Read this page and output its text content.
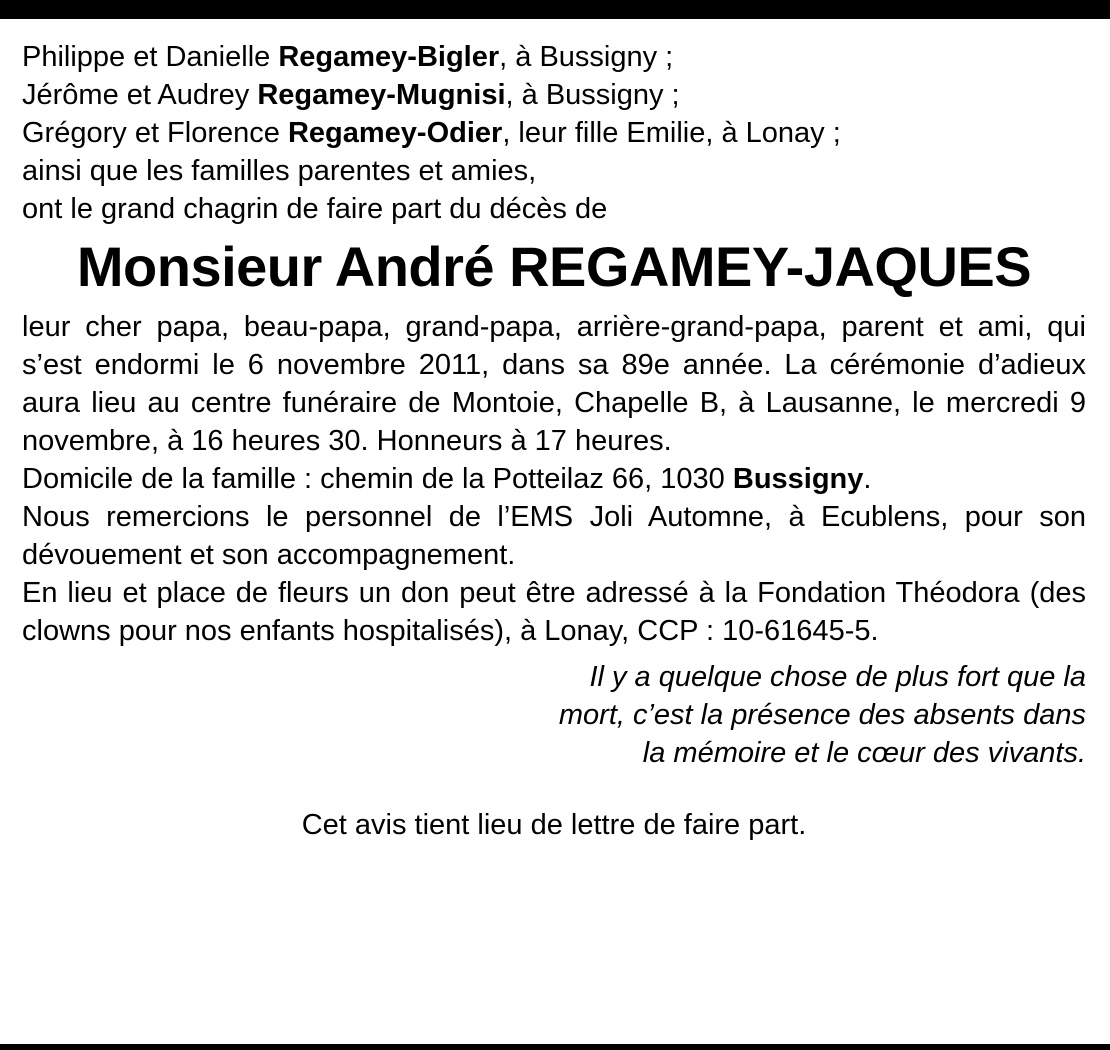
Philippe et Danielle Regamey-Bigler, à Bussigny ;
Jérôme et Audrey Regamey-Mugnisi, à Bussigny ;
Grégory et Florence Regamey-Odier, leur fille Emilie, à Lonay ;
ainsi que les familles parentes et amies,
ont le grand chagrin de faire part du décès de
Monsieur André REGAMEY-JAQUES

leur cher papa, beau-papa, grand-papa, arrière-grand-papa, parent et ami, qui s’est endormi le 6 novembre 2011, dans sa 89e année. La cérémonie d’adieux aura lieu au centre funéraire de Montoie, Chapelle B, à Lausanne, le mercredi 9 novembre, à 16 heures 30. Honneurs à 17 heures.

Domicile de la famille : chemin de la Potteilaz 66, 1030 Bussigny.

Nous remercions le personnel de l’EMS Joli Automne, à Ecublens, pour son dévouement et son accompagnement.

En lieu et place de fleurs un don peut être adressé à la Fondation Théodora (des clowns pour nos enfants hospitalisés), à Lonay, CCP : 10-61645-5.

Il y a quelque chose de plus fort que la
mort, c’est la présence des absents dans
la mémoire et le cœur des vivants.
Cet avis tient lieu de lettre de faire part.
